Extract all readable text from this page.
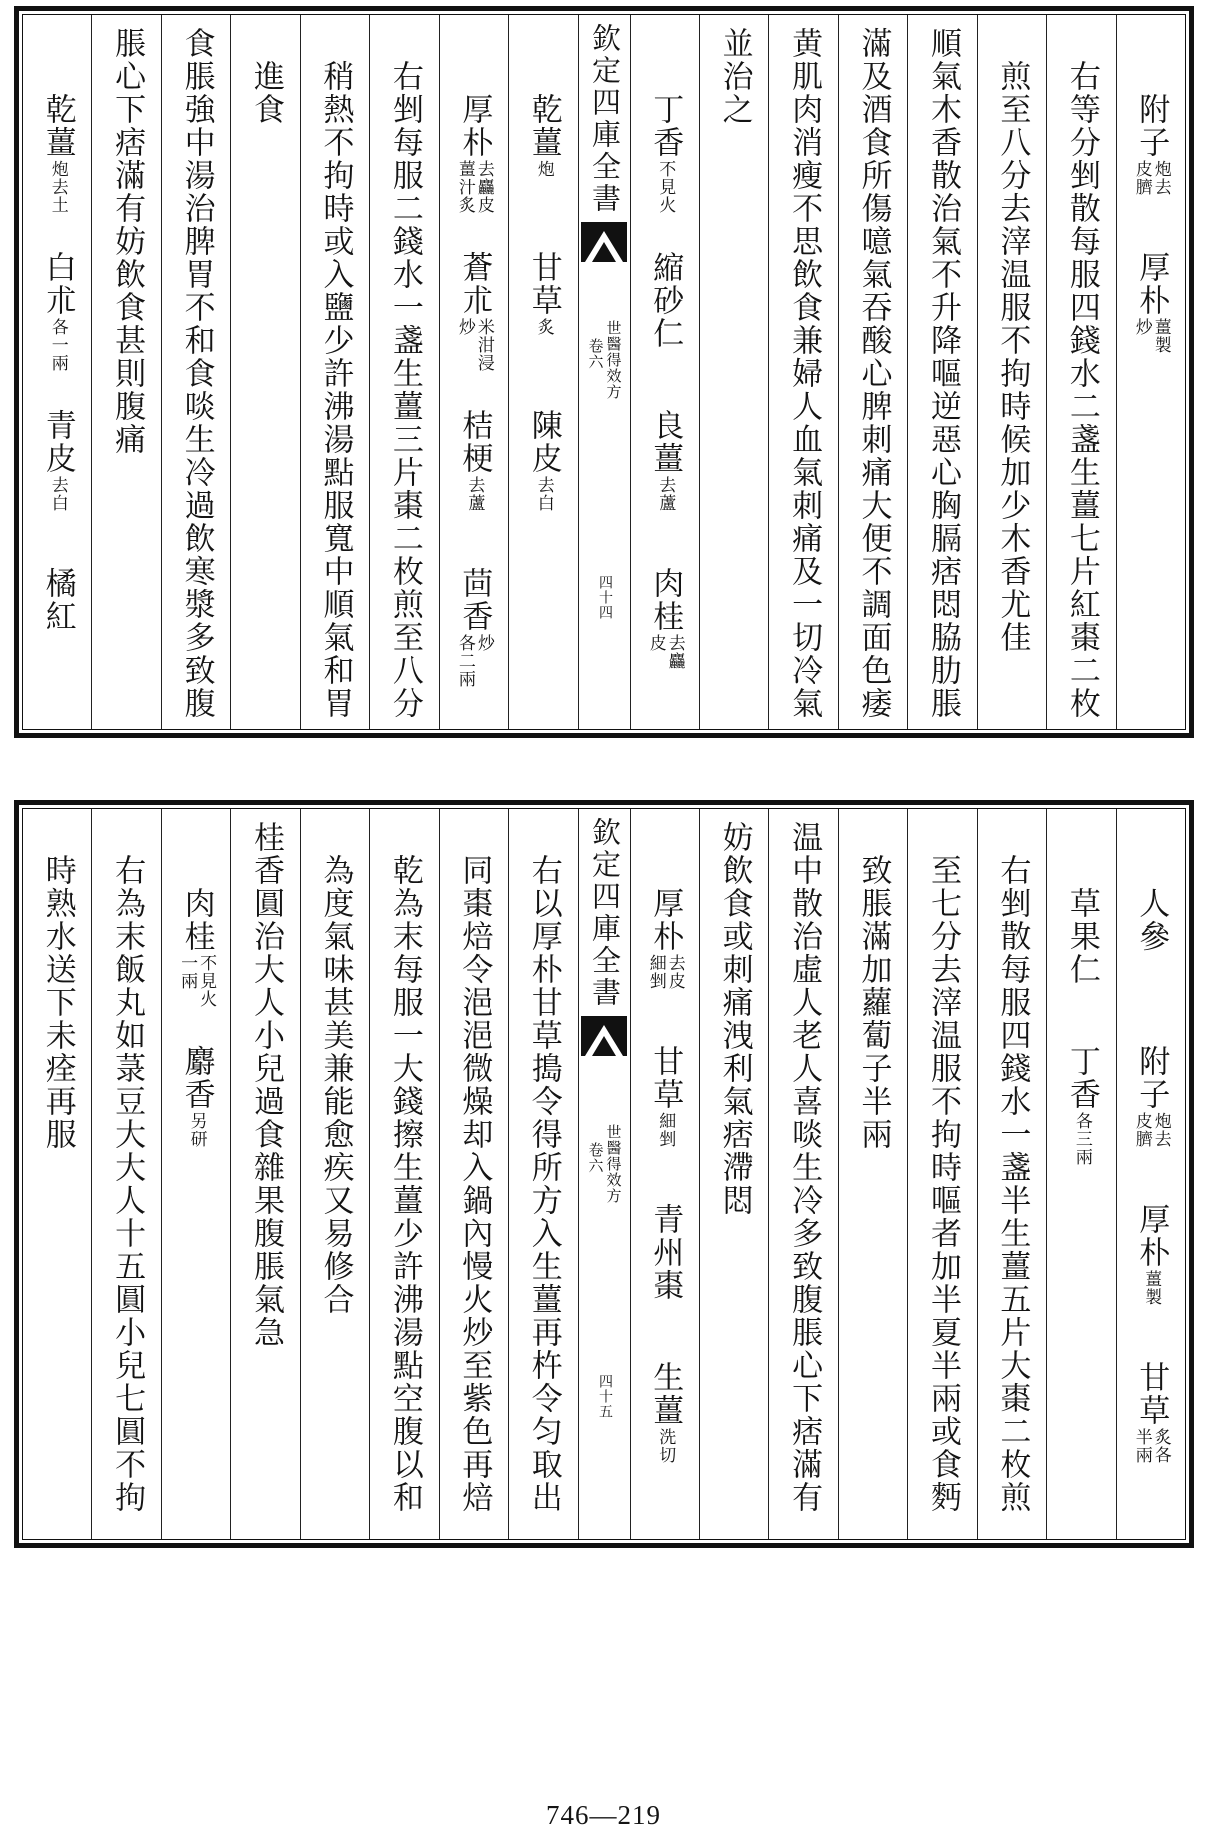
附子
炮去
皮臍
厚朴
薑製
炒
右等分剉散每服四錢水二盞生薑七片紅棗二枚
煎至八分去滓温服不拘時候加少木香尤佳
順氣木香散治氣不升降嘔逆惡心胸膈痞悶脇肋脹
滿及酒食所傷噫氣吞酸心脾刺痛大便不調面色痿
黄肌肉消瘦不思飲食兼婦人血氣刺痛及一切冷氣
並治之
丁香
不見火
縮砂仁
良薑
去蘆
肉桂
去麤
皮
欽定四庫全書
世醫得效方
卷六
四十四
乾薑
炮
甘草
炙
陳皮
去白
厚朴
去麤皮
薑汁炙
蒼朮
米泔浸
炒
桔梗
去蘆
茴香
炒
各二兩
右剉每服二錢水一盞生薑三片棗二枚煎至八分
稍熱不拘時或入鹽少許沸湯點服寬中順氣和胃
進食
食脹強中湯治脾胃不和食啖生冷過飲寒漿多致腹
脹心下痞滿有妨飲食甚則腹痛
乾薑
炮去土
白朮
各一兩
青皮
去白
橘紅
人參
附子
炮去
皮臍
厚朴
薑製
甘草
炙各
半兩
草果仁
丁香
各三兩
右剉散每服四錢水一盞半生薑五片大棗二枚煎
至七分去滓温服不拘時嘔者加半夏半兩或食麪
致脹滿加蘿蔔子半兩
温中散治虛人老人喜啖生冷多致腹脹心下痞滿有
妨飲食或刺痛洩利氣痞滯悶
厚朴
去皮
細剉
甘草
細剉
青州棗
生薑
洗切
欽定四庫全書
世醫得效方
卷六
四十五
右以厚朴甘草搗令得所方入生薑再杵令匀取出
同棗焙令浥浥微燥却入鍋內慢火炒至紫色再焙
乾為末每服一大錢擦生薑少許沸湯點空腹以和
為度氣味甚美兼能愈疾又易修合
桂香圓治大人小兒過食雜果腹脹氣急
肉桂
不見火
一兩
麝香
另研
右為末飯丸如菉豆大大人十五圓小兒七圓不拘
時熟水送下未痊再服
746—219
